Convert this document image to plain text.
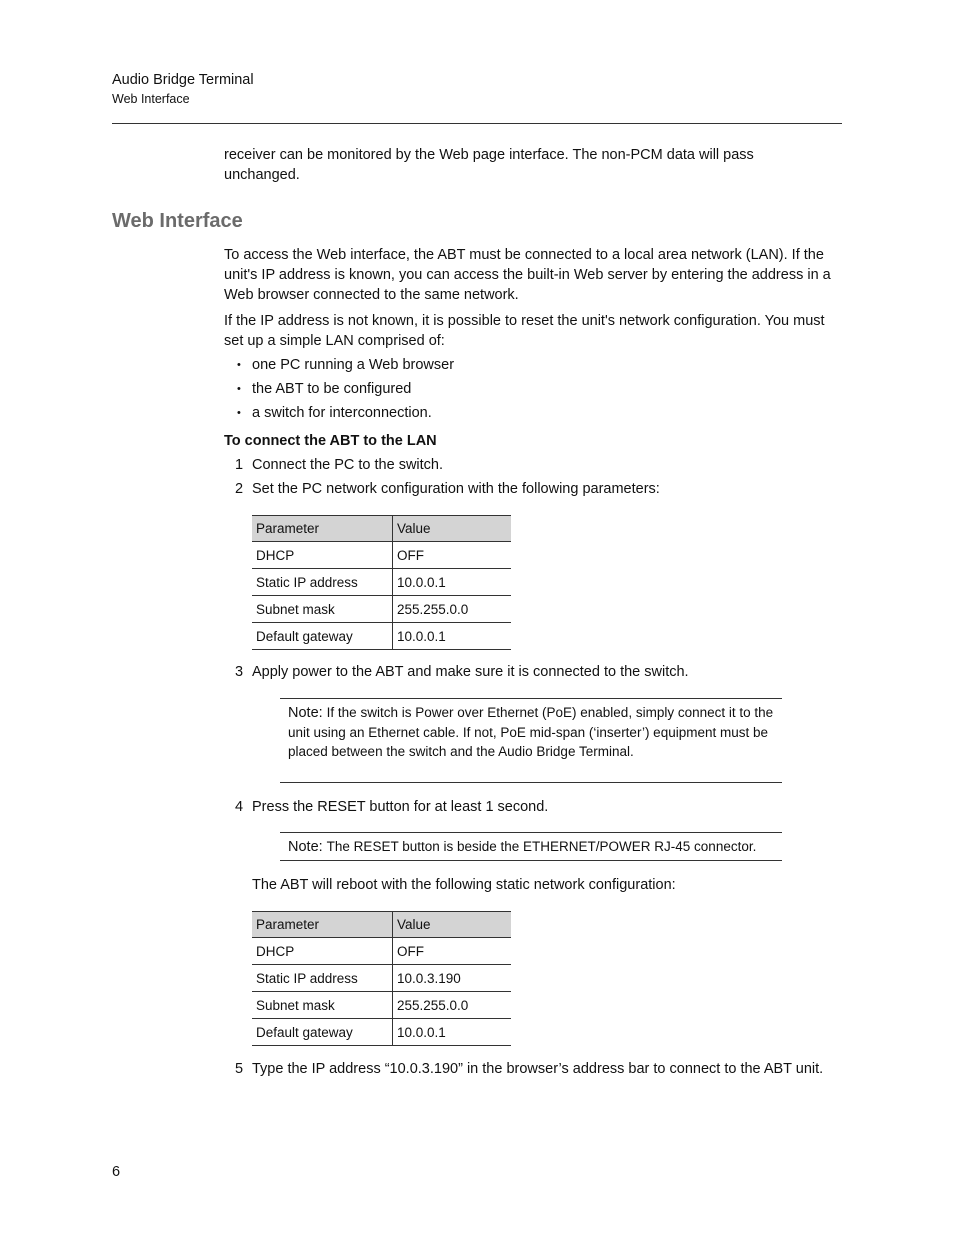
Audio Bridge Terminal
Web Interface

receiver can be monitored by the Web page interface. The non-PCM data will pass unchanged.

Web Interface

To access the Web interface, the ABT must be connected to a local area network (LAN). If the unit's IP address is known, you can access the built-in Web server by entering the address in a Web browser connected to the same network.

If the IP address is not known, it is possible to reset the unit's network configuration. You must set up a simple LAN comprised of:

• one PC running a Web browser
• the ABT to be configured
• a switch for interconnection.
To connect the ABT to the LAN
1 Connect the PC to the switch.
2 Set the PC network configuration with the following parameters:
Parameter	Value
DHCP	OFF
Static IP address	10.0.0.1
Subnet mask	255.255.0.0
Default gateway	10.0.0.1
3 Apply power to the ABT and make sure it is connected to the switch.
Note: If the switch is Power over Ethernet (PoE) enabled, simply connect it to the unit using an Ethernet cable. If not, PoE mid-span (‘inserter’) equipment must be placed between the switch and the Audio Bridge Terminal.
4 Press the RESET button for at least 1 second.
Note: The RESET button is beside the ETHERNET/POWER RJ-45 connector.

The ABT will reboot with the following static network configuration:

Parameter	Value
DHCP	OFF
Static IP address	10.0.3.190
Subnet mask	255.255.0.0
Default gateway	10.0.0.1
5 Type the IP address “10.0.3.190” in the browser’s address bar to connect to the ABT unit.
6
